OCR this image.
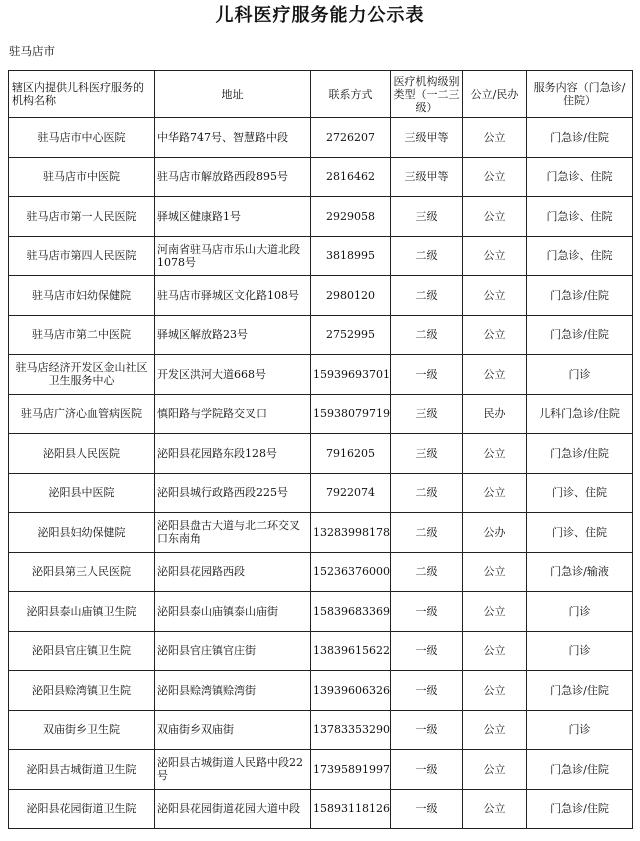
儿科医疗服务能力公示表
驻马店市
辖区内提供儿科医疗服务的机构名称	地址	联系方式	医疗机构级别类型（一二三级）	公立/民办	服务内容（门急诊/住院）
驻马店市中心医院	中华路747号、智慧路中段	2726207	三级甲等	公立	门急诊/住院
驻马店市中医院	驻马店市解放路西段895号	2816462	三级甲等	公立	门急诊、住院
驻马店市第一人民医院	驿城区健康路1号	2929058	三级	公立	门急诊、住院
驻马店市第四人民医院	河南省驻马店市乐山大道北段1078号	3818995	二级	公立	门急诊、住院
驻马店市妇幼保健院	驻马店市驿城区文化路108号	2980120	二级	公立	门急诊/住院
驻马店市第二中医院	驿城区解放路23号	2752995	二级	公立	门急诊/住院
驻马店经济开发区金山社区卫生服务中心	开发区洪河大道668号	15939693701	一级	公立	门诊
驻马店广济心血管病医院	慎阳路与学院路交叉口	15938079719	三级	民办	儿科门急诊/住院
泌阳县人民医院	泌阳县花园路东段128号	7916205	三级	公立	门急诊/住院
泌阳县中医院	泌阳县城行政路西段225号	7922074	二级	公立	门诊、住院
泌阳县妇幼保健院	泌阳县盘古大道与北二环交叉口东南角	13283998178	二级	公办	门诊、住院
泌阳县第三人民医院	泌阳县花园路西段	15236376000	二级	公立	门急诊/输液
泌阳县泰山庙镇卫生院	泌阳县泰山庙镇泰山庙街	15839683369	一级	公立	门诊
泌阳县官庄镇卫生院	泌阳县官庄镇官庄街	13839615622	一级	公立	门诊
泌阳县赊湾镇卫生院	泌阳县赊湾镇赊湾街	13939606326	一级	公立	门急诊/住院
双庙街乡卫生院	双庙街乡双庙街	13783353290	一级	公立	门诊
泌阳县古城街道卫生院	泌阳县古城街道人民路中段22号	17395891997	一级	公立	门急诊/住院
泌阳县花园街道卫生院	泌阳县花园街道花园大道中段	15893118126	一级	公立	门急诊/住院
